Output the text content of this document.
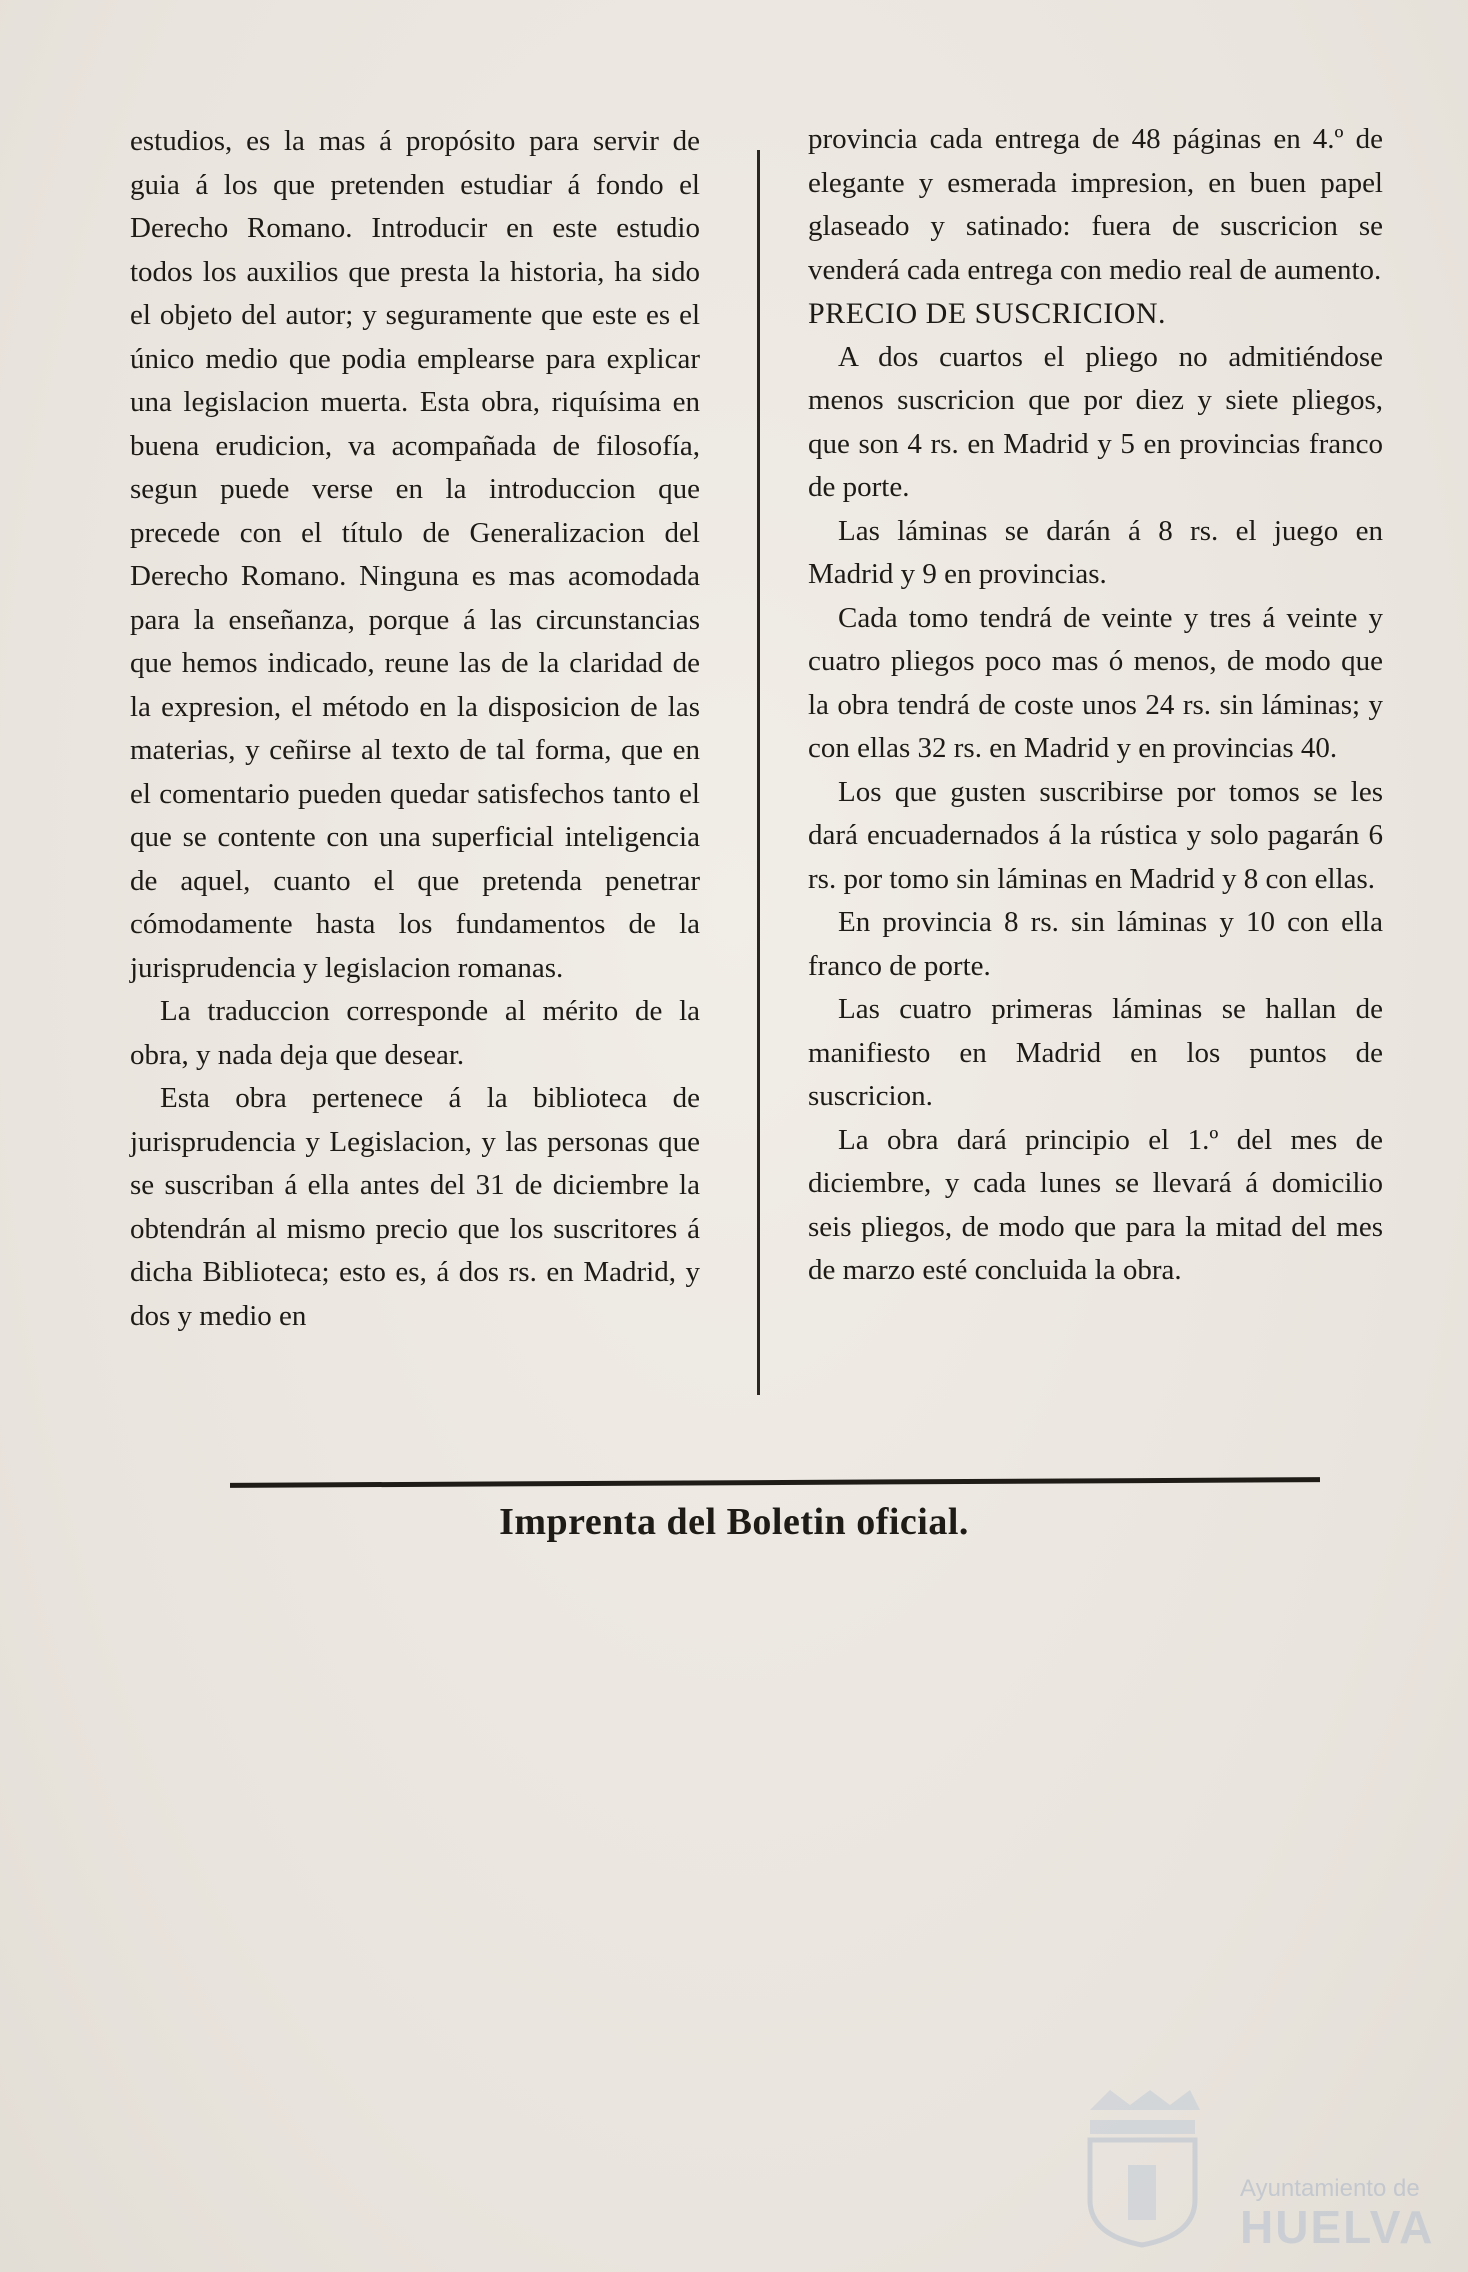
estudios, es la mas á propósito para servir de guia á los que pretenden estudiar á fondo el Derecho Romano. Introducir en este estudio todos los auxilios que presta la historia, ha sido el objeto del autor; y seguramente que este es el único medio que podia emplearse para explicar una legislacion muerta. Esta obra, riquísima en buena erudicion, va acompañada de filosofía, segun puede verse en la introduccion que precede con el título de Generalizacion del Derecho Romano. Ninguna es mas acomodada para la enseñanza, porque á las circunstancias que hemos indicado, reune las de la claridad de la expresion, el método en la disposicion de las materias, y ceñirse al texto de tal forma, que en el comentario pueden quedar satisfechos tanto el que se contente con una superficial inteligencia de aquel, cuanto el que pretenda penetrar cómodamente hasta los fundamentos de la jurisprudencia y legislacion romanas.

La traduccion corresponde al mérito de la obra, y nada deja que desear.

Esta obra pertenece á la biblioteca de jurisprudencia y Legislacion, y las personas que se suscriban á ella antes del 31 de diciembre la obtendrán al mismo precio que los suscritores á dicha Biblioteca; esto es, á dos rs. en Madrid, y dos y medio en

provincia cada entrega de 48 páginas en 4.º de elegante y esmerada impresion, en buen papel glaseado y satinado: fuera de suscricion se venderá cada entrega con medio real de aumento.

PRECIO DE SUSCRICION.

A dos cuartos el pliego no admitiéndose menos suscricion que por diez y siete pliegos, que son 4 rs. en Madrid y 5 en provincias franco de porte.

Las láminas se darán á 8 rs. el juego en Madrid y 9 en provincias.

Cada tomo tendrá de veinte y tres á veinte y cuatro pliegos poco mas ó menos, de modo que la obra tendrá de coste unos 24 rs. sin láminas; y con ellas 32 rs. en Madrid y en provincias 40.

Los que gusten suscribirse por tomos se les dará encuadernados á la rústica y solo pagarán 6 rs. por tomo sin láminas en Madrid y 8 con ellas.

En provincia 8 rs. sin láminas y 10 con ella franco de porte.

Las cuatro primeras láminas se hallan de manifiesto en Madrid en los puntos de suscricion.

La obra dará principio el 1.º del mes de diciembre, y cada lunes se llevará á domicilio seis pliegos, de modo que para la mitad del mes de marzo esté concluida la obra.

Imprenta del Boletin oficial.
Ayuntamiento de
HUELVA
